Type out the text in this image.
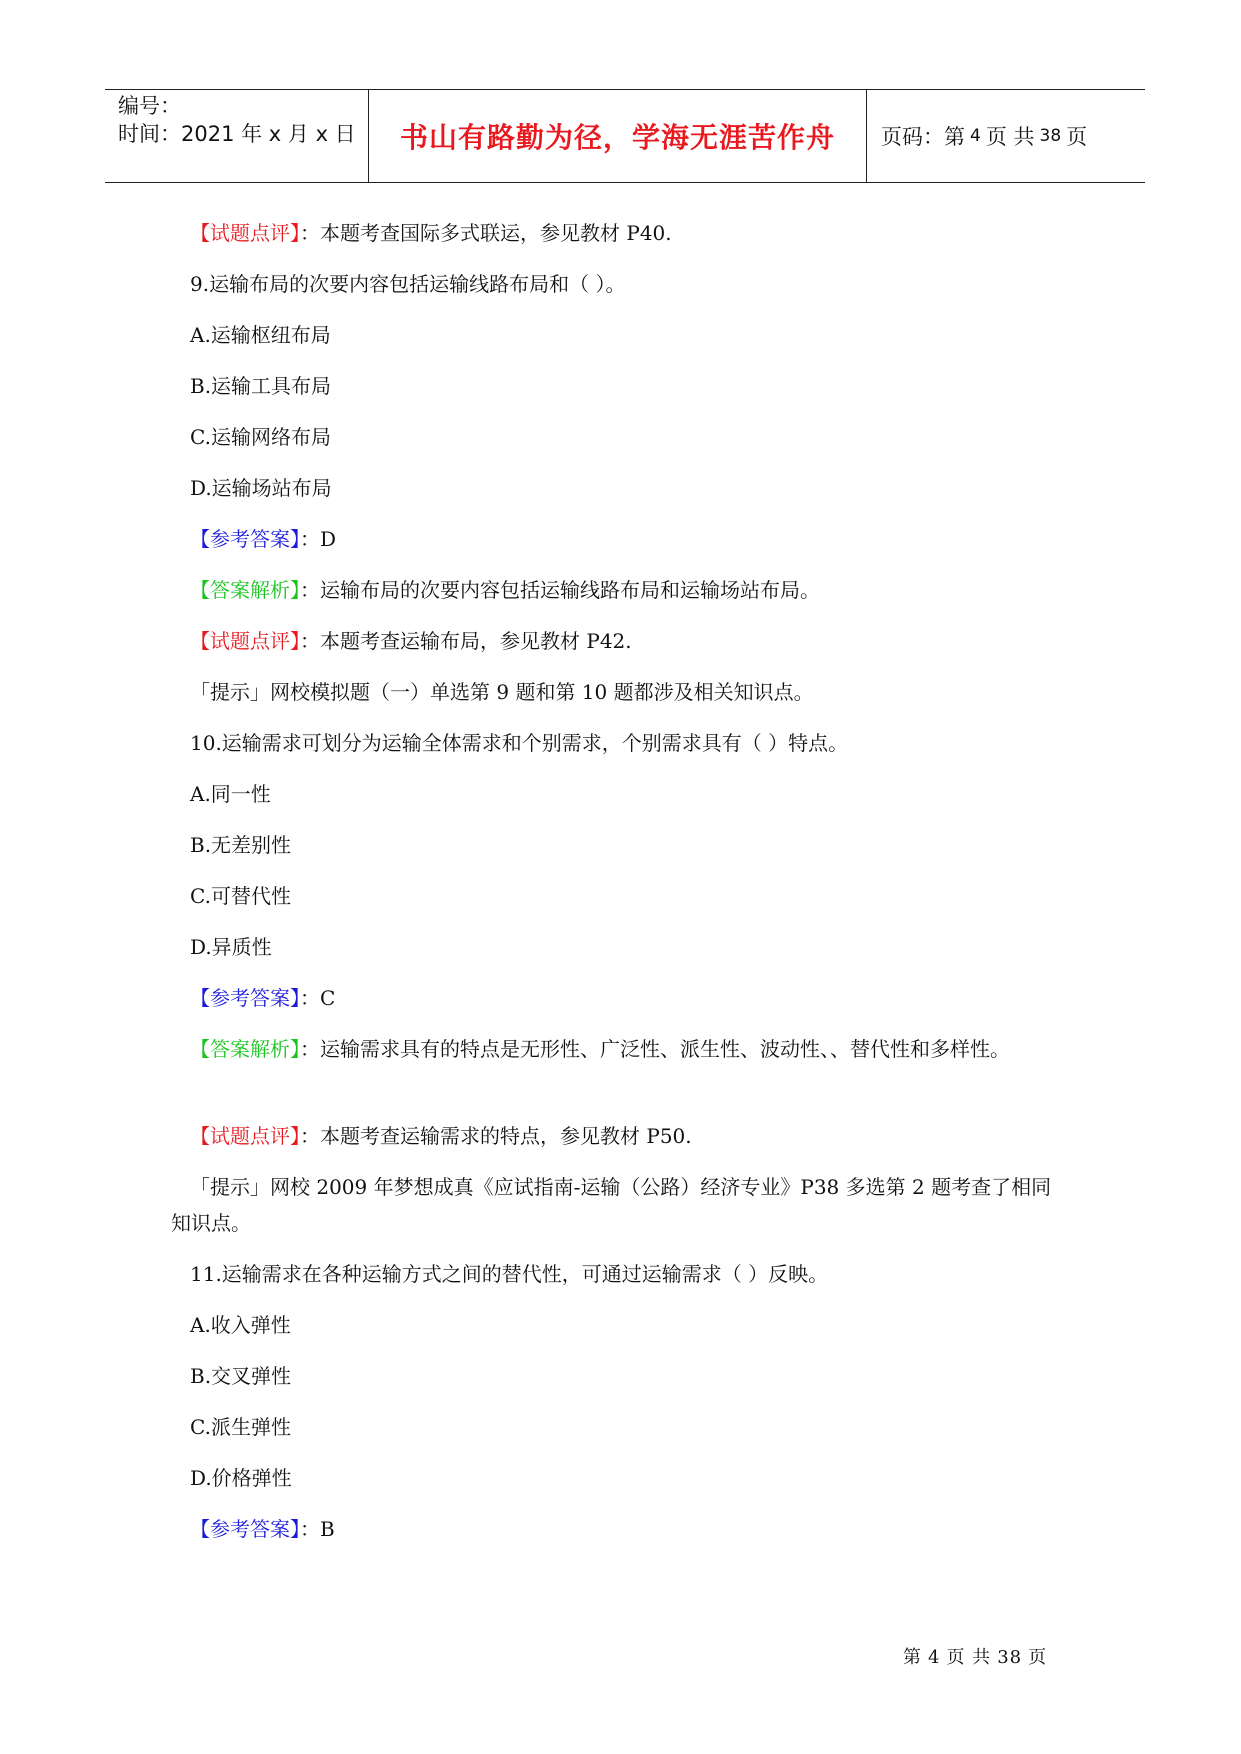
编号：
时间：2021 年 x 月 x 日	书山有路勤为径，学海无涯苦作舟	页码：第 4 页 共 38 页
【试题点评】：本题考查国际多式联运，参见教材 P40.
9.运输布局的次要内容包括运输线路布局和（ ）。
A.运输枢纽布局
B.运输工具布局
C.运输网络布局
D.运输场站布局
【参考答案】：D
【答案解析】：运输布局的次要内容包括运输线路布局和运输场站布局。
【试题点评】：本题考查运输布局，参见教材 P42.
「提示」网校模拟题（一）单选第 9 题和第 10 题都涉及相关知识点。
10.运输需求可划分为运输全体需求和个别需求，个别需求具有（ ）特点。
A.同一性
B.无差别性
C.可替代性
D.异质性
【参考答案】：C
【答案解析】：运输需求具有的特点是无形性、广泛性、派生性、波动性、、替代性和多样性。
【试题点评】：本题考查运输需求的特点，参见教材 P50.
「提示」网校 2009 年梦想成真《应试指南-运输（公路）经济专业》P38 多选第 2 题考查了相同知识点。
11.运输需求在各种运输方式之间的替代性，可通过运输需求（ ）反映。
A.收入弹性
B.交叉弹性
C.派生弹性
D.价格弹性
【参考答案】：B
第 4 页 共 38 页
